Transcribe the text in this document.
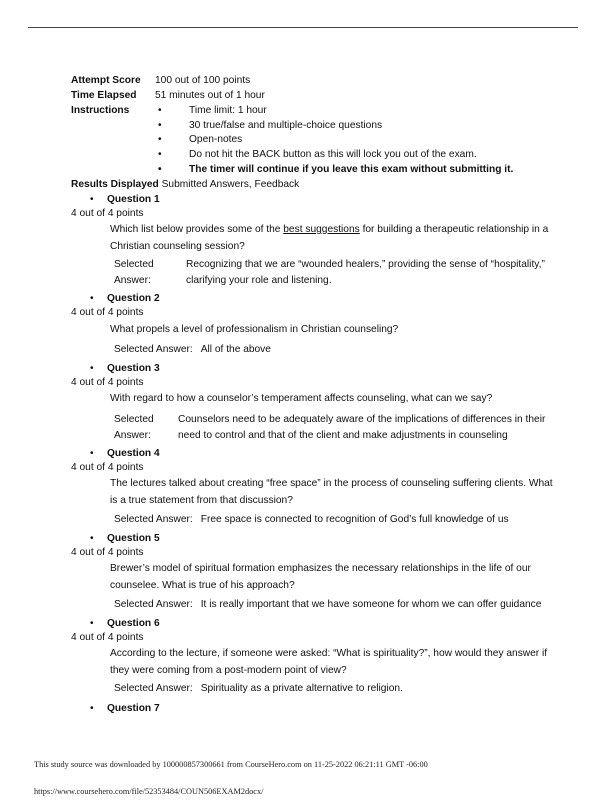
Attempt Score 100 out of 100 points
Time Elapsed 51 minutes out of 1 hour
Instructions	•	Time limit: 1 hour
•	30 true/false and multiple-choice questions
•	Open-notes
•	Do not hit the BACK button as this will lock you out of the exam.
•	The timer will continue if you leave this exam without submitting it.
Results Displayed Submitted Answers, Feedback
• Question 1
4 out of 4 points
Which list below provides some of the best suggestions for building a therapeutic relationship in a Christian counseling session?
Selected Answer:
Recognizing that we are “wounded healers,” providing the sense of “hospitality,” clarifying your role and listening.
• Question 2
4 out of 4 points
What propels a level of professionalism in Christian counseling?
Selected Answer: All of the above
• Question 3
4 out of 4 points
With regard to how a counselor’s temperament affects counseling, what can we say?
Selected Answer:
Counselors need to be adequately aware of the implications of differences in their need to control and that of the client and make adjustments in counseling
• Question 4
4 out of 4 points
The lectures talked about creating “free space” in the process of counseling suffering clients. What is a true statement from that discussion?
Selected Answer: Free space is connected to recognition of God’s full knowledge of us
• Question 5
4 out of 4 points
Brewer’s model of spiritual formation emphasizes the necessary relationships in the life of our counselee. What is true of his approach?
Selected Answer: It is really important that we have someone for whom we can offer guidance
• Question 6
4 out of 4 points
According to the lecture, if someone were asked: “What is spirituality?”, how would they answer if they were coming from a post-modern point of view?
Selected Answer: Spirituality as a private alternative to religion.
• Question 7
This study source was downloaded by 100000857300661 from CourseHero.com on 11-25-2022 06:21:11 GMT -06:00
https://www.coursehero.com/file/52353484/COUN506EXAM2docx/
